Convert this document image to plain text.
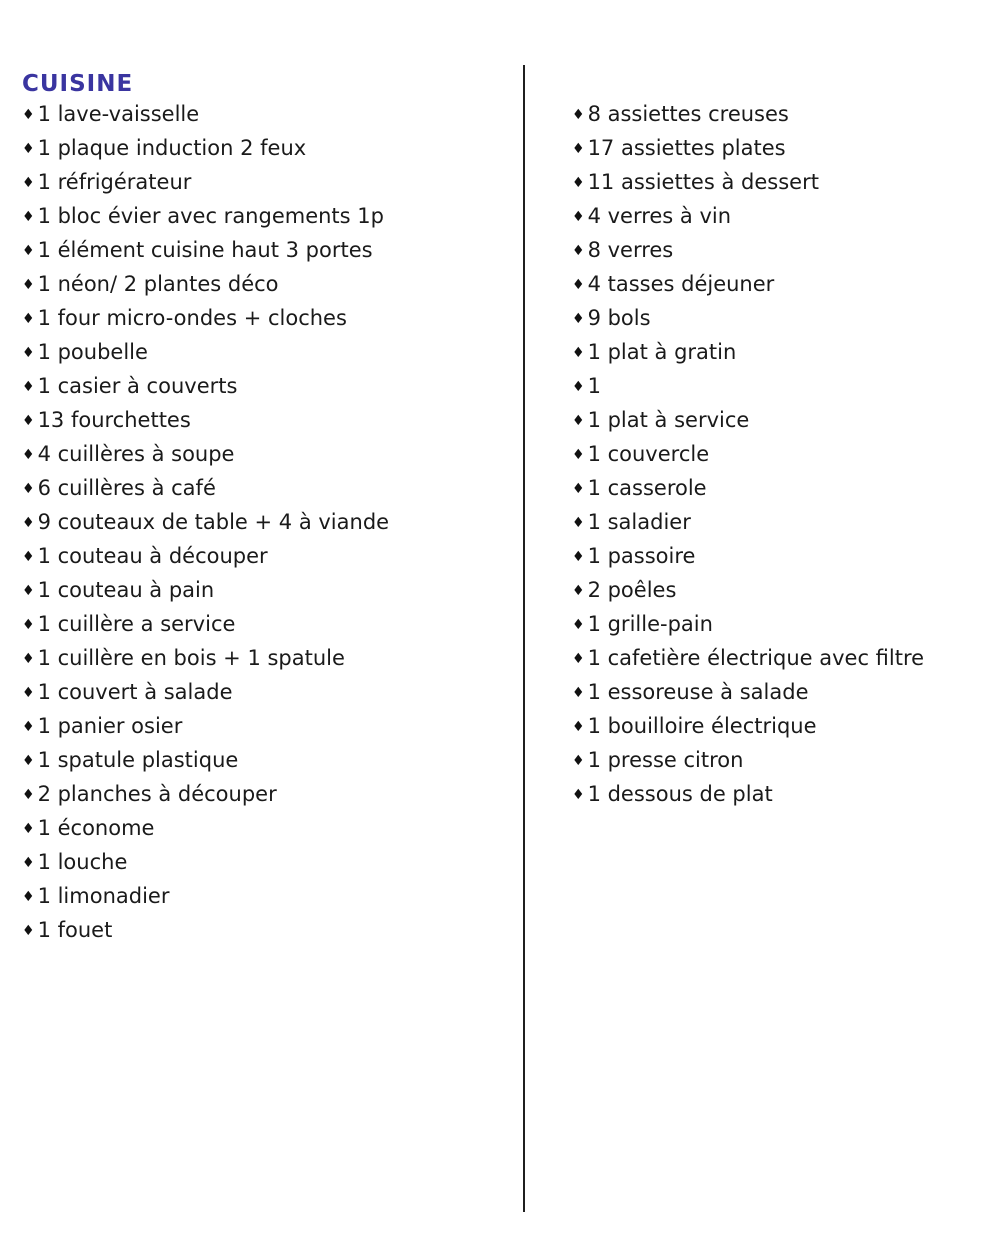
CUISINE
♦ 1 lave-vaisselle
♦ 1 plaque induction 2 feux
♦ 1 réfrigérateur
♦ 1 bloc évier avec rangements 1p
♦ 1 élément cuisine haut 3 portes
♦ 1 néon/ 2 plantes déco
♦ 1 four micro-ondes + cloches
♦ 1 poubelle
♦ 1 casier à couverts
♦ 13 fourchettes
♦ 4 cuillères à soupe
♦ 6 cuillères à café
♦ 9 couteaux de table + 4 à viande
♦ 1 couteau à découper
♦ 1 couteau à pain
♦ 1 cuillère a service
♦ 1 cuillère en bois + 1 spatule
♦ 1 couvert à salade
♦ 1 panier osier
♦ 1 spatule plastique
♦ 2 planches à découper
♦ 1 économe
♦ 1 louche
♦ 1 limonadier
♦ 1 fouet
♦ 8 assiettes creuses
♦ 17 assiettes plates
♦ 11 assiettes à dessert
♦ 4 verres à vin
♦ 8 verres
♦ 4 tasses déjeuner
♦ 9 bols
♦ 1 plat à gratin
♦ 1
♦ 1 plat à service
♦ 1 couvercle
♦ 1 casserole
♦ 1 saladier
♦ 1 passoire
♦ 2 poêles
♦ 1 grille-pain
♦ 1 cafetière électrique avec filtre
♦ 1 essoreuse à salade
♦ 1 bouilloire électrique
♦ 1 presse citron
♦ 1 dessous de plat
